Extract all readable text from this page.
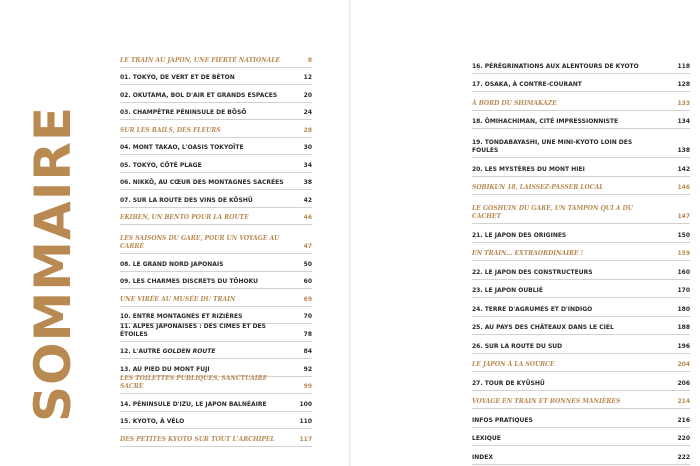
SOMMAIRE
LE TRAIN AU JAPON, UNE FIERTÉ NATIONALE	8
01. TOKYO, DE VERT ET DE BÉTON	12
02. OKUTAMA, BOL D'AIR ET GRANDS ESPACES	20
03. CHAMPÊTRE PÉNINSULE DE BÔSÔ	24
SUR LES RAILS, DES FLEURS	28
04. MONT TAKAO, L'OASIS TOKYOÏTE	30
05. TOKYO, CÔTÉ PLAGE	34
06. NIKKÔ, AU CŒUR DES MONTAGNES SACRÉES	38
07. SUR LA ROUTE DES VINS DE KÔSHÛ	42
EKIBEN, UN BENTO POUR LA ROUTE	46
LES SAISONS DU GARE, POUR UN VOYAGE AU CARRÉ	47
08. LE GRAND NORD JAPONAIS	50
09. LES CHARMES DISCRETS DU TÔHOKU	60
UNE VIRÉE AU MUSÉE DU TRAIN	69
10. ENTRE MONTAGNES ET RIZIÈRES	70
11. ALPES JAPONAISES : DES CIMES ET DES ÉTOILES	78
12. L'AUTRE GOLDEN ROUTE	84
13. AU PIED DU MONT FUJI	92
LES TOILETTES PUBLIQUES, SANCTUAIRE SACRÉ	99
14. PÉNINSULE D'IZU, LE JAPON BALNÉAIRE	100
15. KYOTO, À VÉLO	110
DES PETITES KYOTO SUR TOUT L'ARCHIPEL	117
16. PÉRÉGRINATIONS AUX ALENTOURS DE KYOTO	118
17. OSAKA, À CONTRE-COURANT	128
À BORD DU SHIMAKAZE	133
18. ÔMIHACHIMAN, CITÉ IMPRESSIONNISTE	134
19. TONDABAYASHI, UNE MINI-KYOTO LOIN DES FOULES	138
20. LES MYSTÈRES DU MONT HIEI	142
SOBIKUN 18, LAISSEZ-PASSER LOCAL	146
LE GOSHUIN DU GARE, UN TAMPON QUI A DU CACHET	147
21. LE JAPON DES ORIGINES	150
EN TRAIN... EXTRAORDINAIRE !	159
22. LE JAPON DES CONSTRUCTEURS	160
23. LE JAPON OUBLIÉ	170
24. TERRE D'AGRUMES ET D'INDIGO	180
25. AU PAYS DES CHÂTEAUX DANS LE CIEL	188
26. SUR LA ROUTE DU SUD	196
LE JAPON À LA SOURCE	204
27. TOUR DE KYÛSHÛ	206
VOYAGE EN TRAIN ET BONNES MANIÈRES	214
INFOS PRATIQUES	216
LEXIQUE	220
INDEX	222
